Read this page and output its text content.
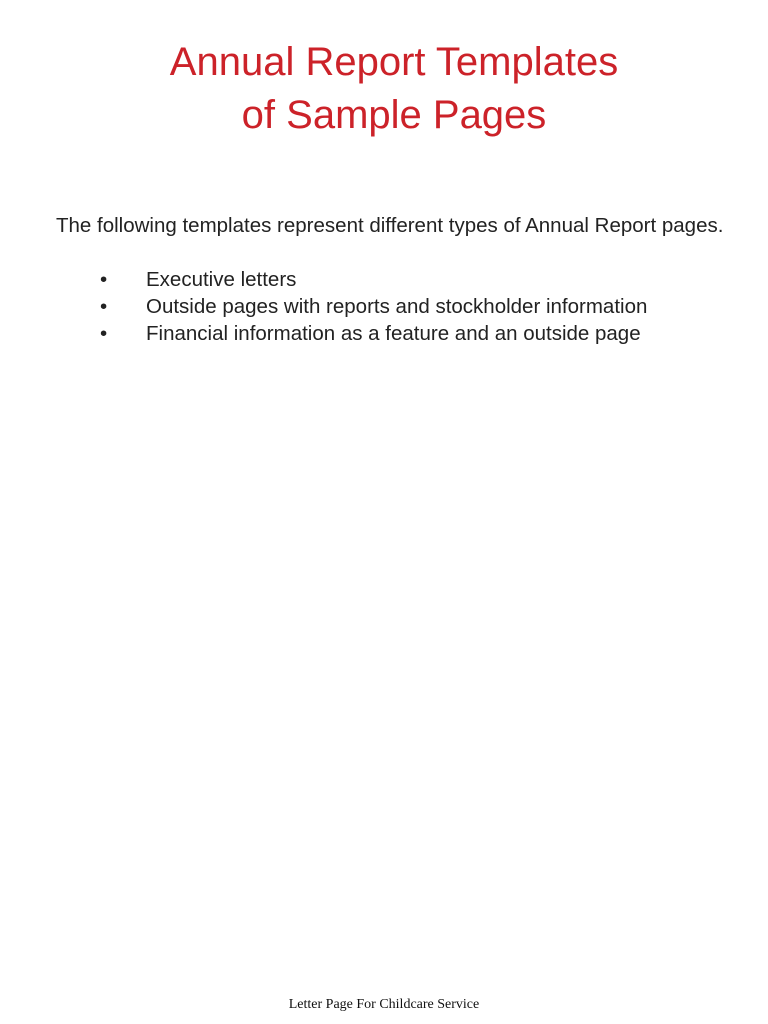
Annual Report Templates
of Sample Pages

The following templates represent different types of Annual Report pages.

• Executive letters
• Outside pages with reports and stockholder information
• Financial information as a feature and an outside page
Letter Page For Childcare Service
